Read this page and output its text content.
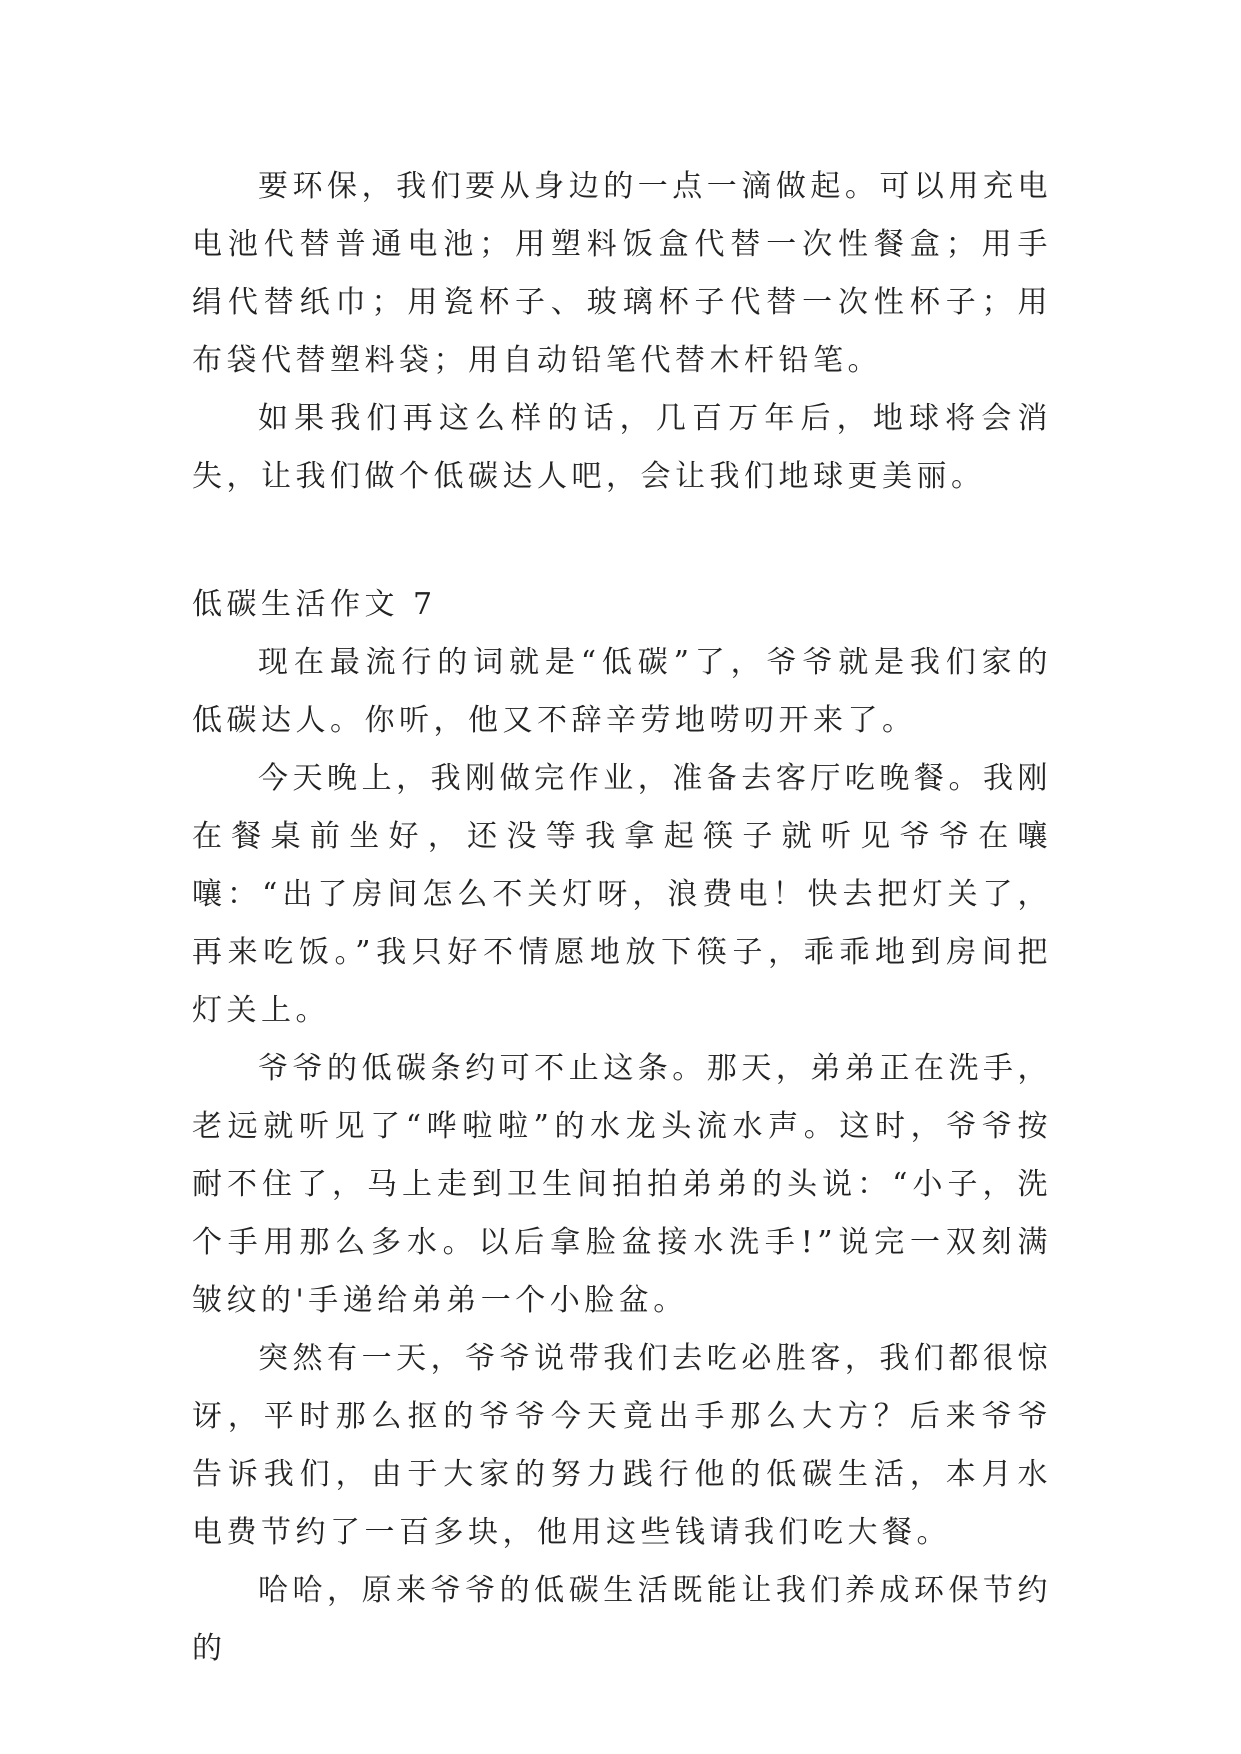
要环保，我们要从身边的一点一滴做起。可以用充电电池代替普通电池；用塑料饭盒代替一次性餐盒；用手绢代替纸巾；用瓷杯子、玻璃杯子代替一次性杯子；用布袋代替塑料袋；用自动铅笔代替木杆铅笔。

如果我们再这么样的话，几百万年后，地球将会消失，让我们做个低碳达人吧，会让我们地球更美丽。

低碳生活作文 7

现在最流行的词就是“低碳”了，爷爷就是我们家的低碳达人。你听，他又不辞辛劳地唠叨开来了。

今天晚上，我刚做完作业，准备去客厅吃晚餐。我刚在餐桌前坐好，还没等我拿起筷子就听见爷爷在嚷嚷：“出了房间怎么不关灯呀，浪费电！快去把灯关了，再来吃饭。”我只好不情愿地放下筷子，乖乖地到房间把灯关上。

爷爷的低碳条约可不止这条。那天，弟弟正在洗手，老远就听见了“哗啦啦”的水龙头流水声。这时，爷爷按耐不住了，马上走到卫生间拍拍弟弟的头说：“小子，洗个手用那么多水。以后拿脸盆接水洗手!”说完一双刻满皱纹的'手递给弟弟一个小脸盆。

突然有一天，爷爷说带我们去吃必胜客，我们都很惊讶，平时那么抠的爷爷今天竟出手那么大方？后来爷爷告诉我们，由于大家的努力践行他的低碳生活，本月水电费节约了一百多块，他用这些钱请我们吃大餐。

哈哈，原来爷爷的低碳生活既能让我们养成环保节约的
